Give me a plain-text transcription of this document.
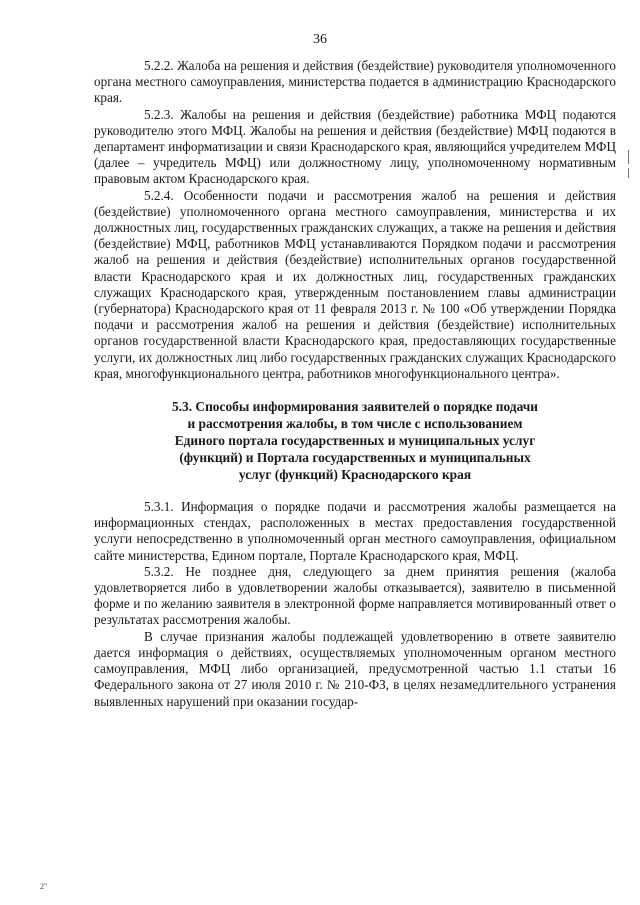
36

5.2.2. Жалоба на решения и действия (бездействие) руководителя уполномоченного органа местного самоуправления, министерства подается в администрацию Краснодарского края.

5.2.3. Жалобы на решения и действия (бездействие) работника МФЦ подаются руководителю этого МФЦ. Жалобы на решения и действия (бездействие) МФЦ подаются в департамент информатизации и связи Краснодарского края, являющийся учредителем МФЦ (далее – учредитель МФЦ) или должностному лицу, уполномоченному нормативным правовым актом Краснодарского края.

5.2.4. Особенности подачи и рассмотрения жалоб на решения и действия (бездействие) уполномоченного органа местного самоуправления, министерства и их должностных лиц, государственных гражданских служащих, а также на решения и действия (бездействие) МФЦ, работников МФЦ устанавливаются Порядком подачи и рассмотрения жалоб на решения и действия (бездействие) исполнительных органов государственной власти Краснодарского края и их должностных лиц, государственных гражданских служащих Краснодарского края, утвержденным постановлением главы администрации (губернатора) Краснодарского края от 11 февраля 2013 г. № 100 «Об утверждении Порядка подачи и рассмотрения жалоб на решения и действия (бездействие) исполнительных органов государственной власти Краснодарского края, предоставляющих государственные услуги, их должностных лиц либо государственных гражданских служащих Краснодарского края, многофункционального центра, работников многофункционального центра».

5.3. Способы информирования заявителей о порядке подачи

и рассмотрения жалобы, в том числе с использованием

Единого портала государственных и муниципальных услуг

(функций) и Портала государственных и муниципальных

услуг (функций) Краснодарского края

5.3.1. Информация о порядке подачи и рассмотрения жалобы размещается на информационных стендах, расположенных в местах предоставления государственной услуги непосредственно в уполномоченный орган местного самоуправления, официальном сайте министерства, Едином портале, Портале Краснодарского края, МФЦ.

5.3.2. Не позднее дня, следующего за днем принятия решения (жалоба удовлетворяется либо в удовлетворении жалобы отказывается), заявителю в письменной форме и по желанию заявителя в электронной форме направляется мотивированный ответ о результатах рассмотрения жалобы.

В случае признания жалобы подлежащей удовлетворению в ответе заявителю дается информация о действиях, осуществляемых уполномоченным органом местного самоуправления, МФЦ либо организацией, предусмотренной частью 1.1 статьи 16 Федерального закона от 27 июля 2010 г. № 210-ФЗ, в целях незамедлительного устранения выявленных нарушений при оказании государ-

2"
